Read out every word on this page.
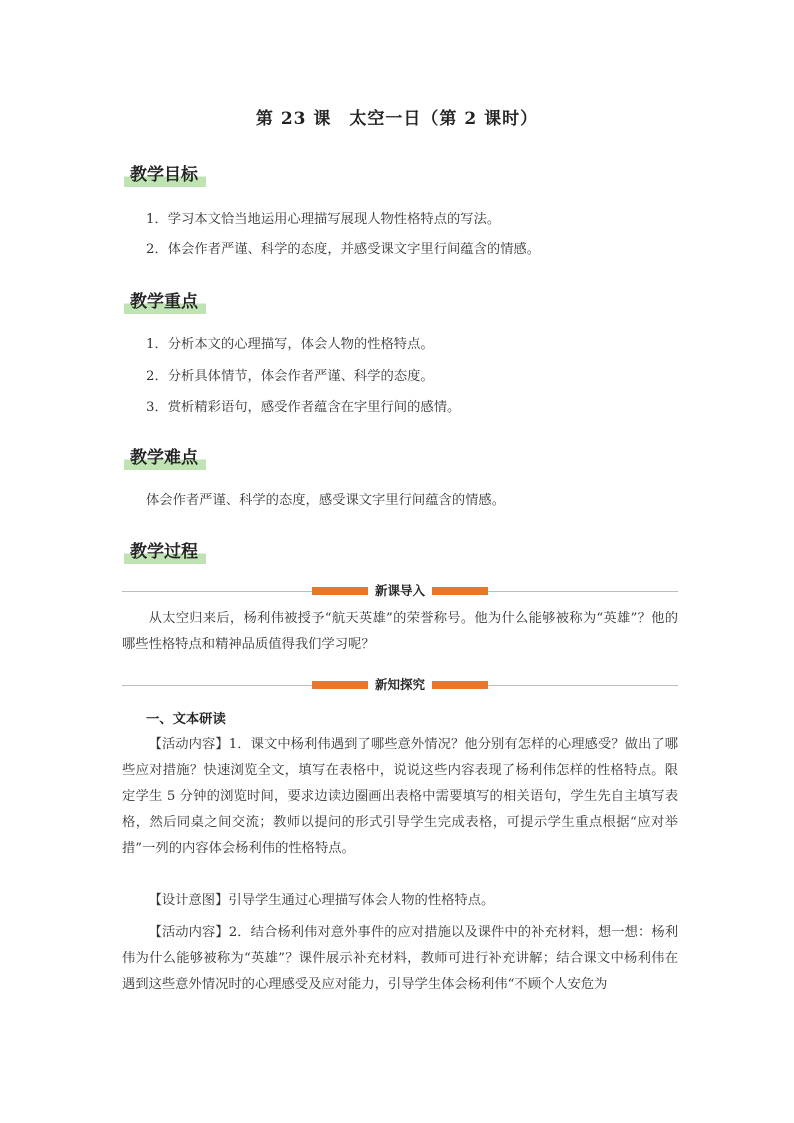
第 23 课　太空一日（第 2 课时）
教学目标
1．学习本文恰当地运用心理描写展现人物性格特点的写法。
2．体会作者严谨、科学的态度，并感受课文字里行间蕴含的情感。
教学重点
1．分析本文的心理描写，体会人物的性格特点。
2．分析具体情节，体会作者严谨、科学的态度。
3．赏析精彩语句，感受作者蕴含在字里行间的感情。
教学难点
体会作者严谨、科学的态度，感受课文字里行间蕴含的情感。
教学过程
新课导入

从太空归来后，杨利伟被授予“航天英雄”的荣誉称号。他为什么能够被称为“英雄”？他的哪些性格特点和精神品质值得我们学习呢？

新知探究
一、文本研读

【活动内容】1．课文中杨利伟遇到了哪些意外情况？他分别有怎样的心理感受？做出了哪些应对措施？快速浏览全文，填写在表格中，说说这些内容表现了杨利伟怎样的性格特点。限定学生 5 分钟的浏览时间，要求边读边圈画出表格中需要填写的相关语句，学生先自主填写表格，然后同桌之间交流；教师以提问的形式引导学生完成表格，可提示学生重点根据“应对举措”一列的内容体会杨利伟的性格特点。

【设计意图】引导学生通过心理描写体会人物的性格特点。

【活动内容】2．结合杨利伟对意外事件的应对措施以及课件中的补充材料，想一想：杨利伟为什么能够被称为“英雄”？课件展示补充材料，教师可进行补充讲解；结合课文中杨利伟在遇到这些意外情况时的心理感受及应对能力，引导学生体会杨利伟“不顾个人安危为
